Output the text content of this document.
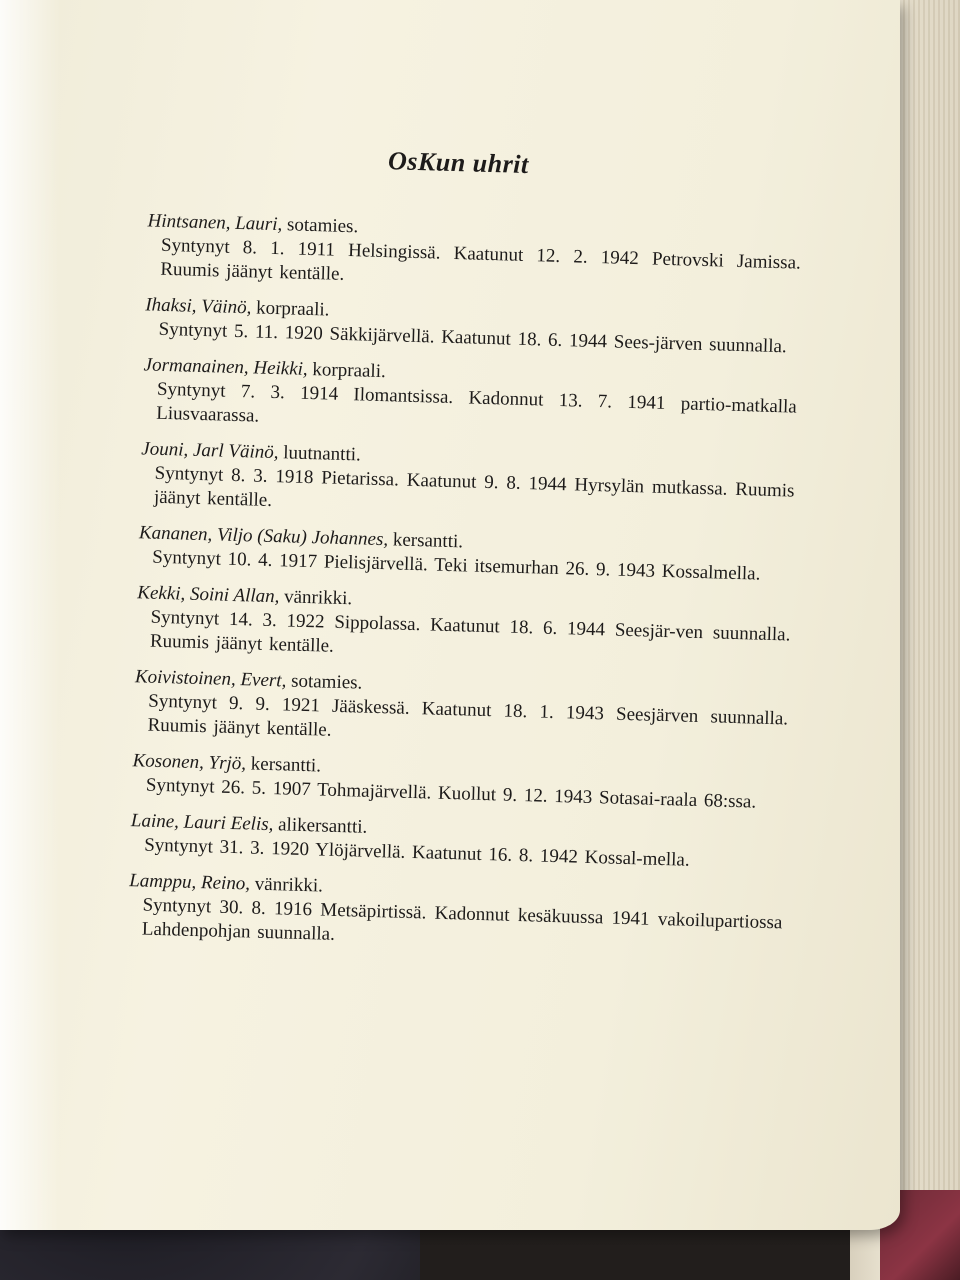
OsKun uhrit
Hintsanen, Lauri, sotamies.
Syntynyt 8. 1. 1911 Helsingissä. Kaatunut 12. 2. 1942 Petrovski Jamissa. Ruumis jäänyt kentälle.
Ihaksi, Väinö, korpraali.
Syntynyt 5. 11. 1920 Säkkijärvellä. Kaatunut 18. 6. 1944 Sees-järven suunnalla.
Jormanainen, Heikki, korpraali.
Syntynyt 7. 3. 1914 Ilomantsissa. Kadonnut 13. 7. 1941 partio-matkalla Liusvaarassa.
Jouni, Jarl Väinö, luutnantti.
Syntynyt 8. 3. 1918 Pietarissa. Kaatunut 9. 8. 1944 Hyrsylän mutkassa. Ruumis jäänyt kentälle.
Kananen, Viljo (Saku) Johannes, kersantti.
Syntynyt 10. 4. 1917 Pielisjärvellä. Teki itsemurhan 26. 9. 1943 Kossalmella.
Kekki, Soini Allan, vänrikki.
Syntynyt 14. 3. 1922 Sippolassa. Kaatunut 18. 6. 1944 Seesjär-ven suunnalla. Ruumis jäänyt kentälle.
Koivistoinen, Evert, sotamies.
Syntynyt 9. 9. 1921 Jääskessä. Kaatunut 18. 1. 1943 Seesjärven suunnalla. Ruumis jäänyt kentälle.
Kosonen, Yrjö, kersantti.
Syntynyt 26. 5. 1907 Tohmajärvellä. Kuollut 9. 12. 1943 Sotasai-raala 68:ssa.
Laine, Lauri Eelis, alikersantti.
Syntynyt 31. 3. 1920 Ylöjärvellä. Kaatunut 16. 8. 1942 Kossal-mella.
Lamppu, Reino, vänrikki.
Syntynyt 30. 8. 1916 Metsäpirtissä. Kadonnut kesäkuussa 1941 vakoilupartiossa Lahdenpohjan suunnalla.
